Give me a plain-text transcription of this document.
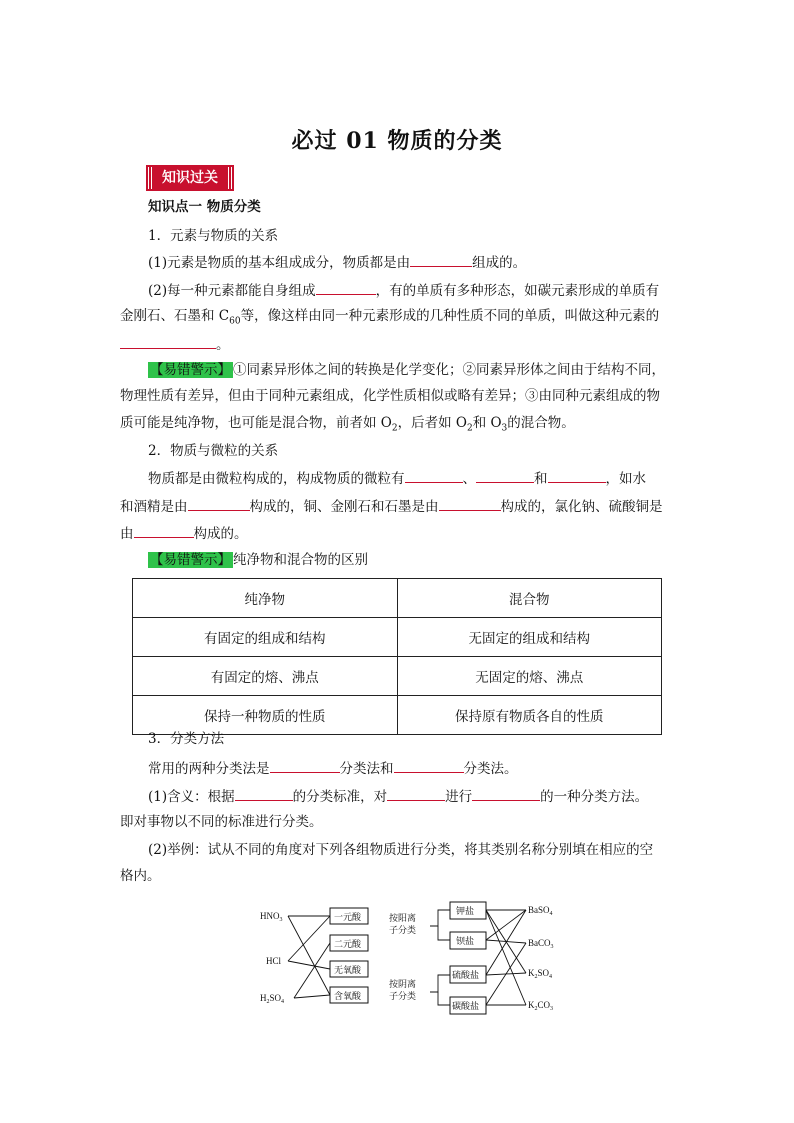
必过 01 物质的分类
知识过关
知识点一 物质分类
1．元素与物质的关系
(1)元素是物质的基本组成成分，物质都是由	组成的。
(2)每一种元素都能自身组成	，有的单质有多种形态，如碳元素形成的单质有
金刚石、石墨和 $C_{60}$等，像这样由同一种元素形成的几种性质不同的单质，叫做这种元素的
。
【易错警示】 ①同素异形体之间的转换是化学变化；②同素异形体之间由于结构不同，
物理性质有差异，但由于同种元素组成，化学性质相似或略有差异；③由同种元素组成的物
质可能是纯净物，也可能是混合物，前者如 $O_2$，后者如 $O_2$和 $O_3$的混合物。
2．物质与微粒的关系
物质都是由微粒构成的，构成物质的微粒有	、	和	，如水
和酒精是由	构成的，铜、金刚石和石墨是由	构成的，氯化钠、硫酸铜是
由	构成的。
【易错警示】 纯净物和混合物的区别
纯净物	混合物
有固定的组成和结构	无固定的组成和结构
有固定的熔、沸点	无固定的熔、沸点
保持一种物质的性质	保持原有物质各自的性质
3．分类方法
常用的两种分类法是	分类法和	分类法。
(1)含义：根据	的分类标准，对	进行	的一种分类方法。
即对事物以不同的标准进行分类。
(2)举例：试从不同的角度对下列各组物质进行分类，将其类别名称分别填在相应的空
格内。
$HNO_3$
HCl
$H_2SO_4$
一元酸
二元酸
无氧酸
含氧酸
按阳离
子分类
按阴离
子分类
钾盐
钡盐
硫酸盐
碳酸盐
BaSO$_4$
BaCO$_3$
$K_2SO_4$
$K_2CO_3$
